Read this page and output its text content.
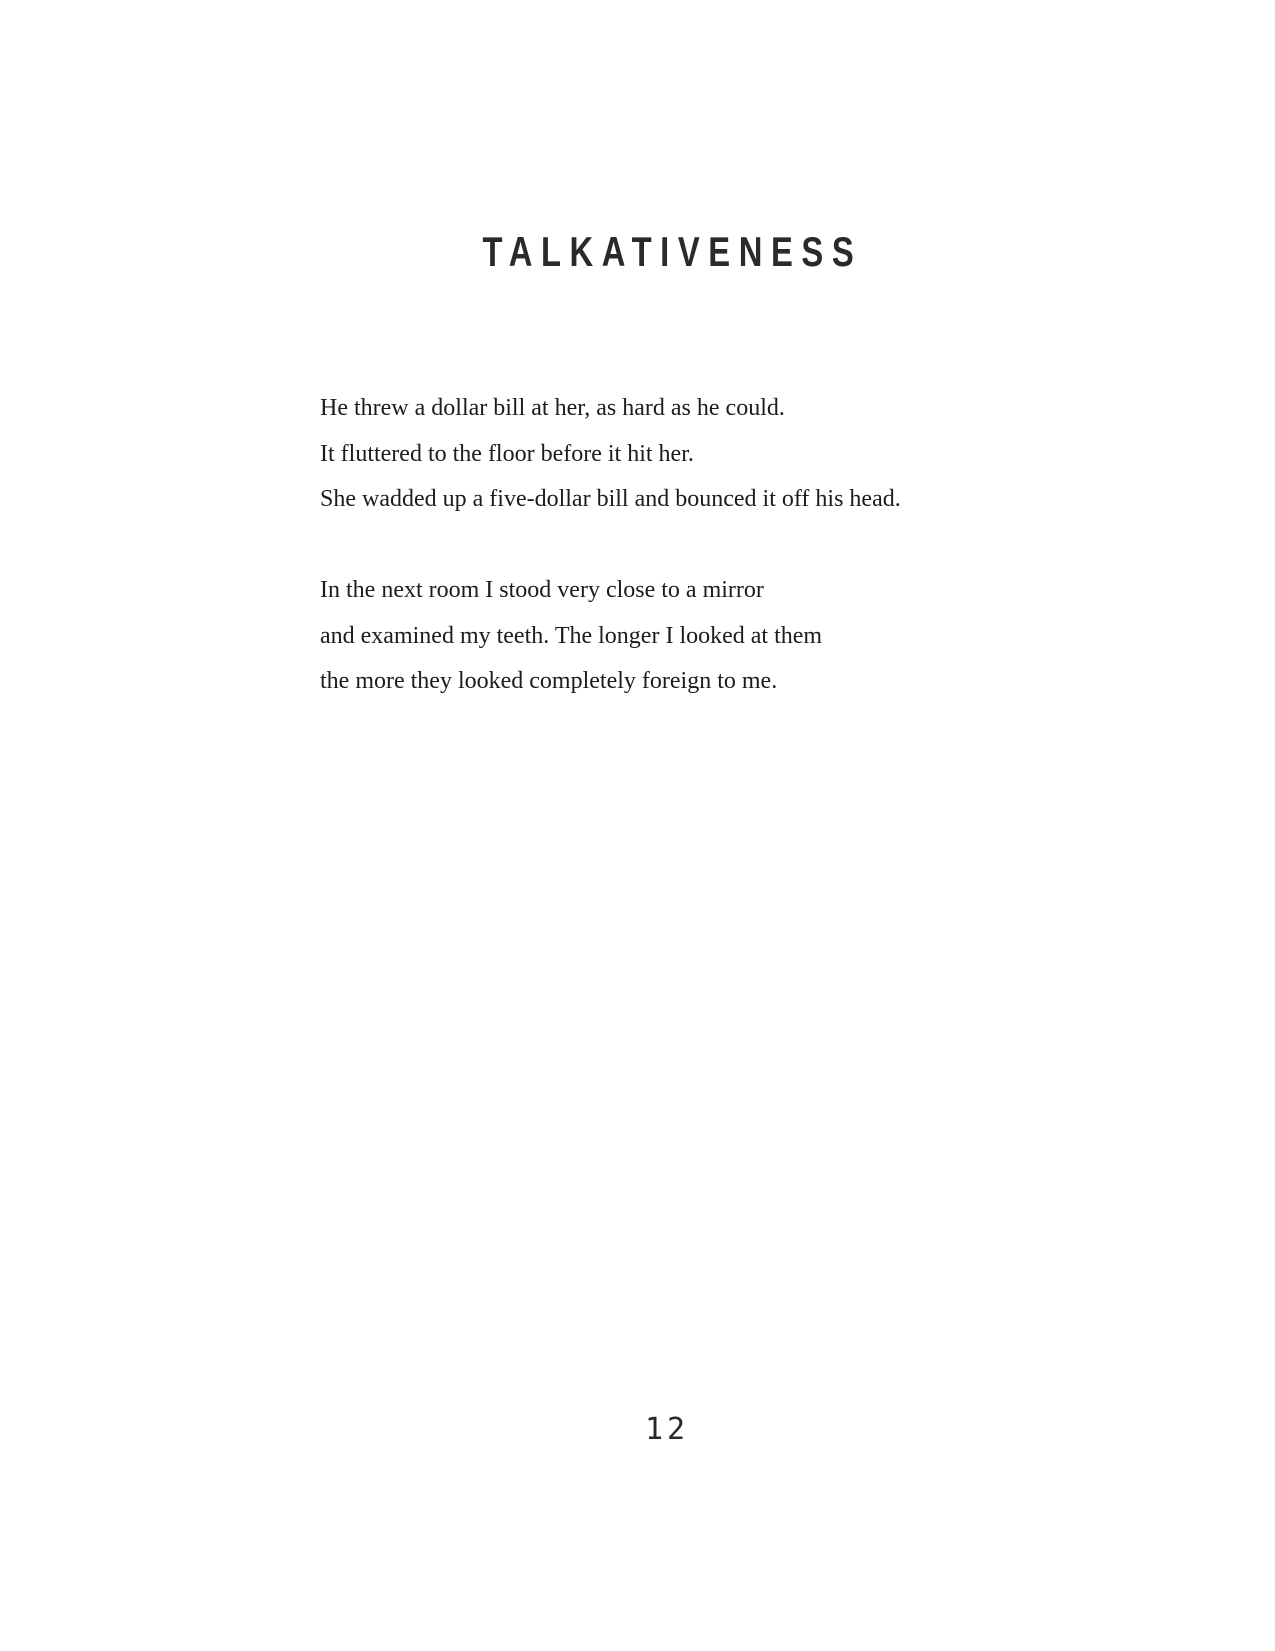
TALKATIVENESS

He threw a dollar bill at her, as hard as he could.

It fluttered to the floor before it hit her.

She wadded up a five-dollar bill and bounced it off his head.

In the next room I stood very close to a mirror

and examined my teeth. The longer I looked at them

the more they looked completely foreign to me.

12
